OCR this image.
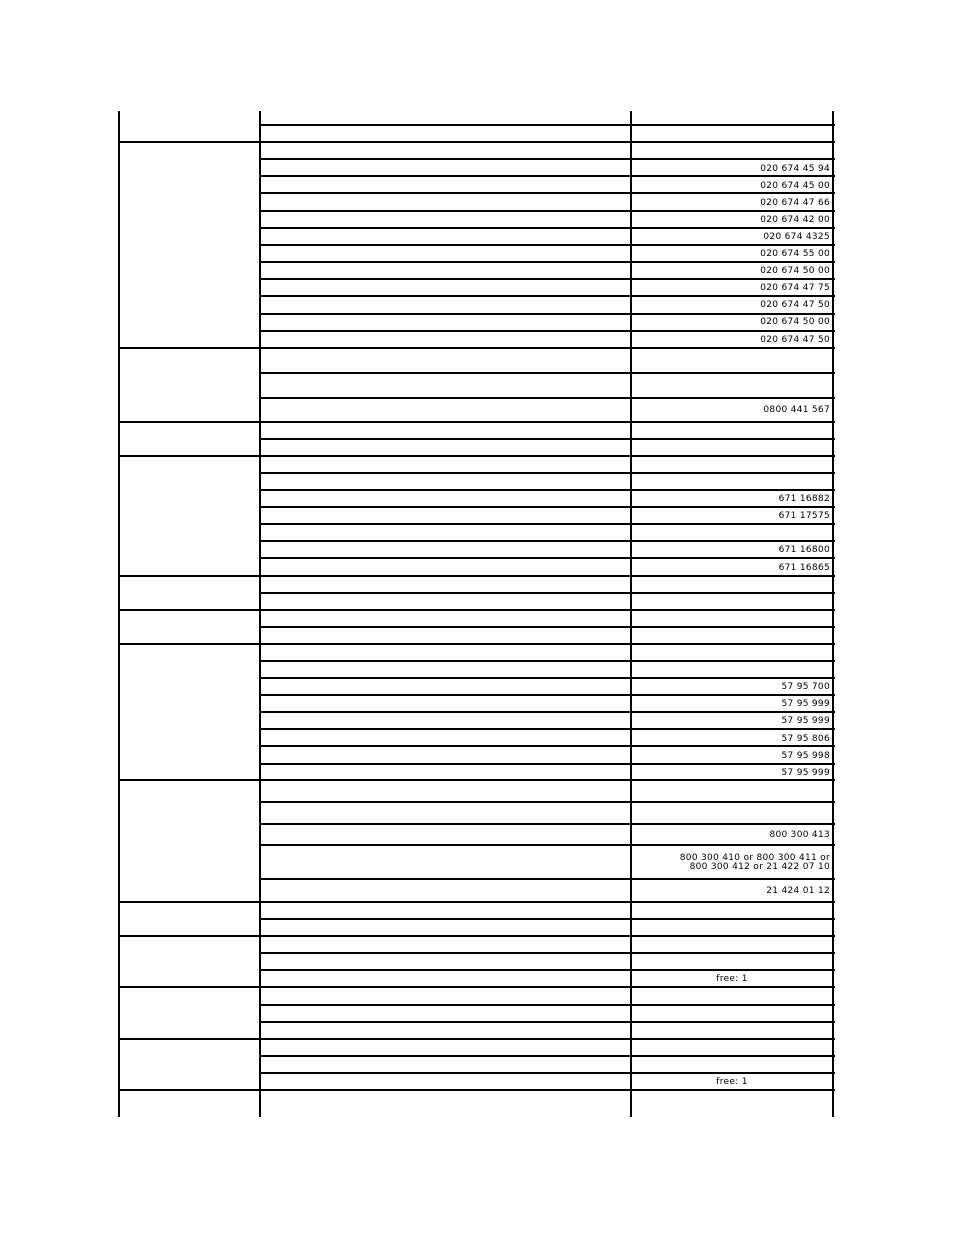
020 674 45 94
020 674 45 00
020 674 47 66
020 674 42 00
020 674 4325
020 674 55 00
020 674 50 00
020 674 47 75
020 674 47 50
020 674 50 00
020 674 47 50
0800 441 567
671 16882
671 17575
671 16800
671 16865
57 95 700
57 95 999
57 95 999
57 95 806
57 95 998
57 95 999
800 300 413
800 300 410 or 800 300 411 or
800 300 412 or 21 422 07 10
21 424 01 12
free: 1
free: 1
